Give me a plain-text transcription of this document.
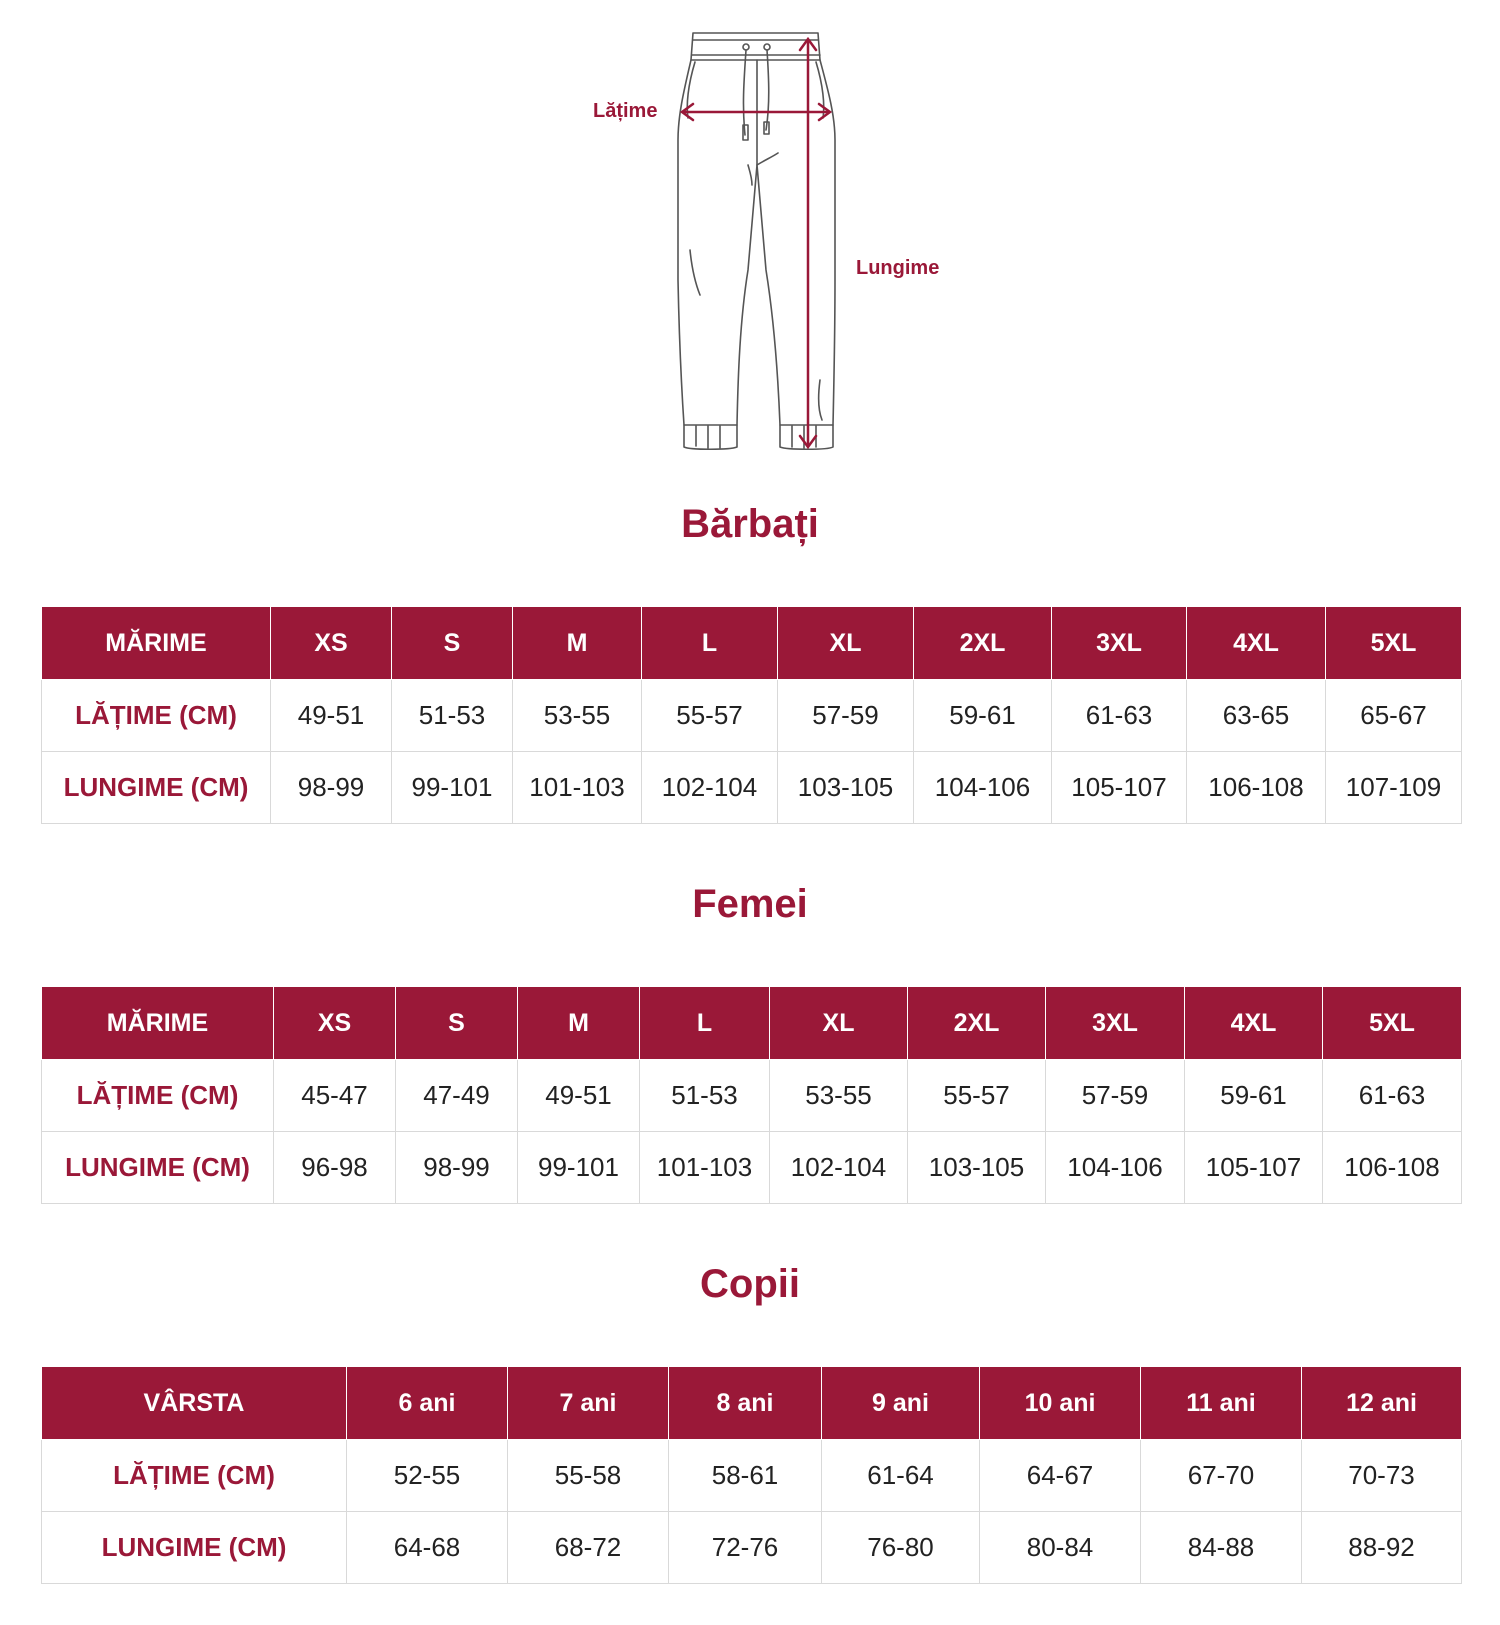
Lățime
Lungime
Bărbați
MĂRIME	XS	S	M	L	XL	2XL	3XL	4XL	5XL
LĂȚIME (CM)	49-51	51-53	53-55	55-57	57-59	59-61	61-63	63-65	65-67
LUNGIME (CM)	98-99	99-101	101-103	102-104	103-105	104-106	105-107	106-108	107-109
Femei
MĂRIME	XS	S	M	L	XL	2XL	3XL	4XL	5XL
LĂȚIME (CM)	45-47	47-49	49-51	51-53	53-55	55-57	57-59	59-61	61-63
LUNGIME (CM)	96-98	98-99	99-101	101-103	102-104	103-105	104-106	105-107	106-108
Copii
VÂRSTA	6 ani	7 ani	8 ani	9 ani	10 ani	11 ani	12 ani
LĂȚIME (CM)	52-55	55-58	58-61	61-64	64-67	67-70	70-73
LUNGIME (CM)	64-68	68-72	72-76	76-80	80-84	84-88	88-92
